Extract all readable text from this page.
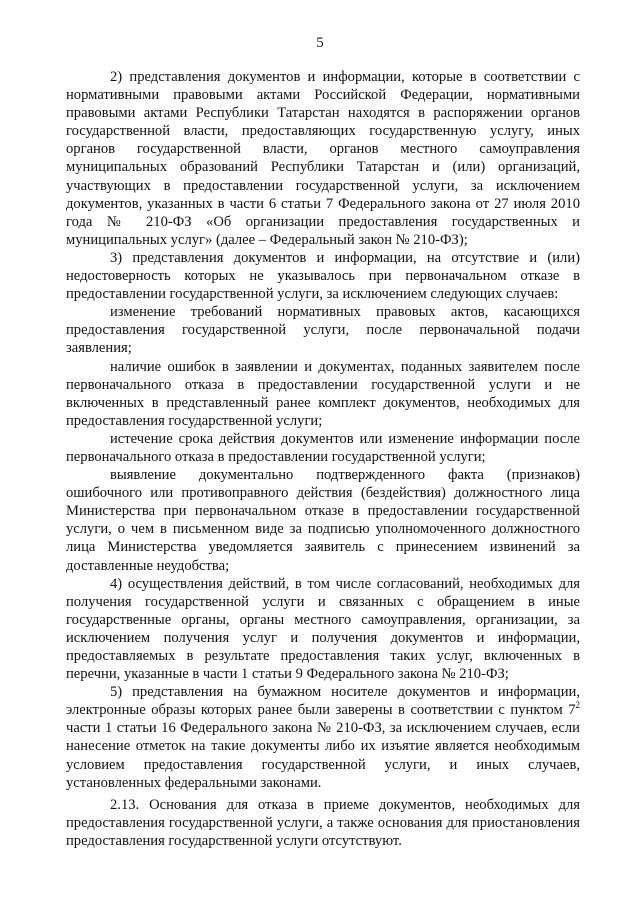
5

2) представления документов и информации, которые в соответствии с нормативными правовыми актами Российской Федерации, нормативными правовыми актами Республики Татарстан находятся в распоряжении органов государственной власти, предоставляющих государственную услугу, иных органов государственной власти, органов местного самоуправления муниципальных образований Республики Татарстан и (или) организаций, участвующих в предоставлении государственной услуги, за исключением документов, указанных в части 6 статьи 7 Федерального закона от 27 июля 2010 года № 210-ФЗ «Об организации предоставления государственных и муниципальных услуг» (далее – Федеральный закон № 210-ФЗ);

3) представления документов и информации, на отсутствие и (или) недостоверность которых не указывалось при первоначальном отказе в предоставлении государственной услуги, за исключением следующих случаев:

изменение требований нормативных правовых актов, касающихся предоставления государственной услуги, после первоначальной подачи заявления;

наличие ошибок в заявлении и документах, поданных заявителем после первоначального отказа в предоставлении государственной услуги и не включенных в представленный ранее комплект документов, необходимых для предоставления государственной услуги;

истечение срока действия документов или изменение информации после первоначального отказа в предоставлении государственной услуги;

выявление документально подтвержденного факта (признаков) ошибочного или противоправного действия (бездействия) должностного лица Министерства при первоначальном отказе в предоставлении государственной услуги, о чем в письменном виде за подписью уполномоченного должностного лица Министерства уведомляется заявитель с принесением извинений за доставленные неудобства;

4) осуществления действий, в том числе согласований, необходимых для получения государственной услуги и связанных с обращением в иные государственные органы, органы местного самоуправления, организации, за исключением получения услуг и получения документов и информации, предоставляемых в результате предоставления таких услуг, включенных в перечни, указанные в части 1 статьи 9 Федерального закона № 210-ФЗ;

5) представления на бумажном носителе документов и информации, электронные образы которых ранее были заверены в соответствии с пунктом $7^2$ части 1 статьи 16 Федерального закона № 210-ФЗ, за исключением случаев, если нанесение отметок на такие документы либо их изъятие является необходимым условием предоставления государственной услуги, и иных случаев, установленных федеральными законами.

2.13. Основания для отказа в приеме документов, необходимых для предоставления государственной услуги, а также основания для приостановления предоставления государственной услуги отсутствуют.
